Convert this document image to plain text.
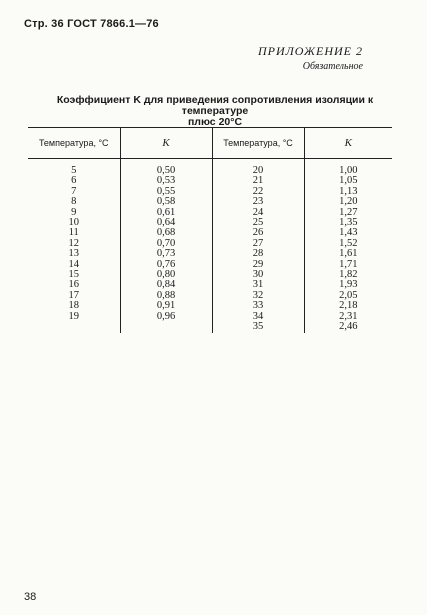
Стр. 36 ГОСТ 7866.1—76
ПРИЛОЖЕНИЕ 2
Обязательное
Коэффициент K для приведения сопротивления изоляции к температуре
плюс 20°C
Температура, °С	K	Температура, °С	K
5	0,50	20	1,00
6	0,53	21	1,05
7	0,55	22	1,13
8	0,58	23	1,20
9	0,61	24	1,27
10	0,64	25	1,35
11	0,68	26	1,43
12	0,70	27	1,52
13	0,73	28	1,61
14	0,76	29	1,71
15	0,80	30	1,82
16	0,84	31	1,93
17	0,88	32	2,05
18	0,91	33	2,18
19	0,96	34	2,31
		35	2,46
38
